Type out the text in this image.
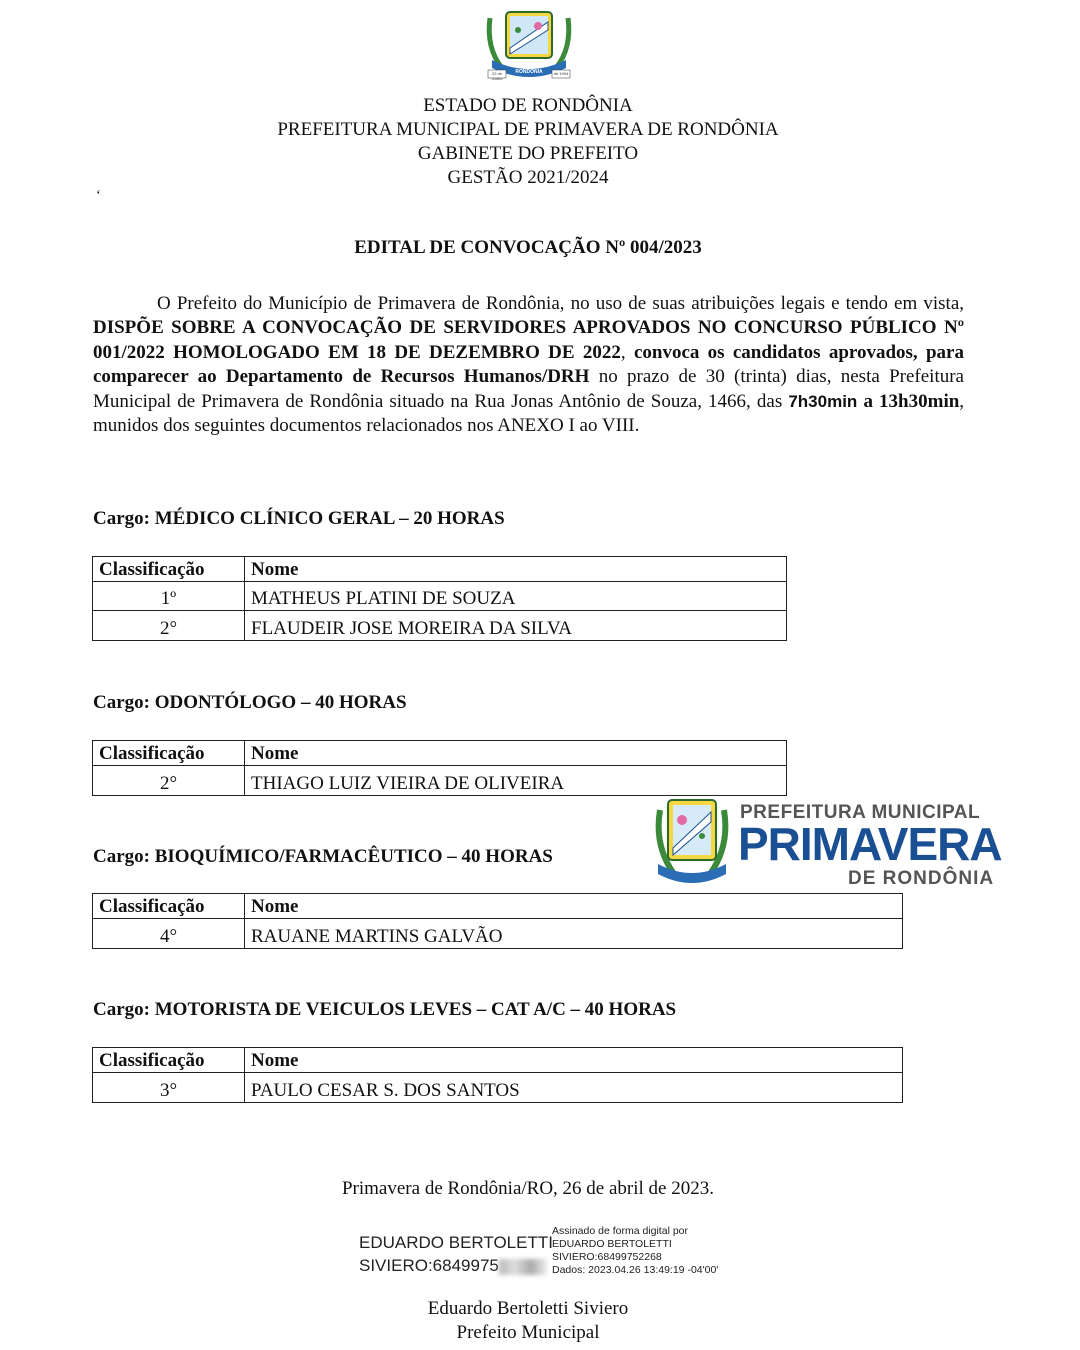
PRIMAVERA DE RONDÔNIA
22 de Junho
de 1994
ESTADO DE RONDÔNIA
PREFEITURA MUNICIPAL DE PRIMAVERA DE RONDÔNIA
GABINETE DO PREFEITO
GESTÃO 2021/2024
‘
EDITAL DE CONVOCAÇÃO Nº 004/2023
O Prefeito do Município de Primavera de Rondônia, no uso de suas atribuições legais e tendo em vista, DISPÕE SOBRE A CONVOCAÇÃO DE SERVIDORES APROVADOS NO CONCURSO PÚBLICO Nº 001/2022 HOMOLOGADO EM 18 DE DEZEMBRO DE 2022, convoca os candidatos aprovados, para comparecer ao Departamento de Recursos Humanos/DRH no prazo de 30 (trinta) dias, nesta Prefeitura Municipal de Primavera de Rondônia situado na Rua Jonas Antônio de Souza, 1466, das 7h30min a 13h30min, munidos dos seguintes documentos relacionados nos ANEXO I ao VIII.
Cargo: MÉDICO CLÍNICO GERAL – 20 HORAS
Classificação	Nome
1º	MATHEUS PLATINI DE SOUZA
2°	FLAUDEIR JOSE MOREIRA DA SILVA
Cargo: ODONTÓLOGO – 40 HORAS
Classificação	Nome
2°	THIAGO LUIZ VIEIRA DE OLIVEIRA
PREFEITURA MUNICIPAL
PRIMAVERA
DE RONDÔNIA
Cargo: BIOQUÍMICO/FARMACÊUTICO – 40 HORAS
Classificação	Nome
4°	RAUANE MARTINS GALVÃO
Cargo: MOTORISTA DE VEICULOS LEVES – CAT A/C – 40 HORAS
Classificação	Nome
3°	PAULO CESAR S. DOS SANTOS
Primavera de Rondônia/RO, 26 de abril de 2023.
EDUARDO BERTOLETTI
SIVIERO:6849975
Assinado de forma digital por
EDUARDO BERTOLETTI
SIVIERO:68499752268
Dados: 2023.04.26 13:49:19 -04'00'
Eduardo Bertoletti Siviero
Prefeito Municipal
